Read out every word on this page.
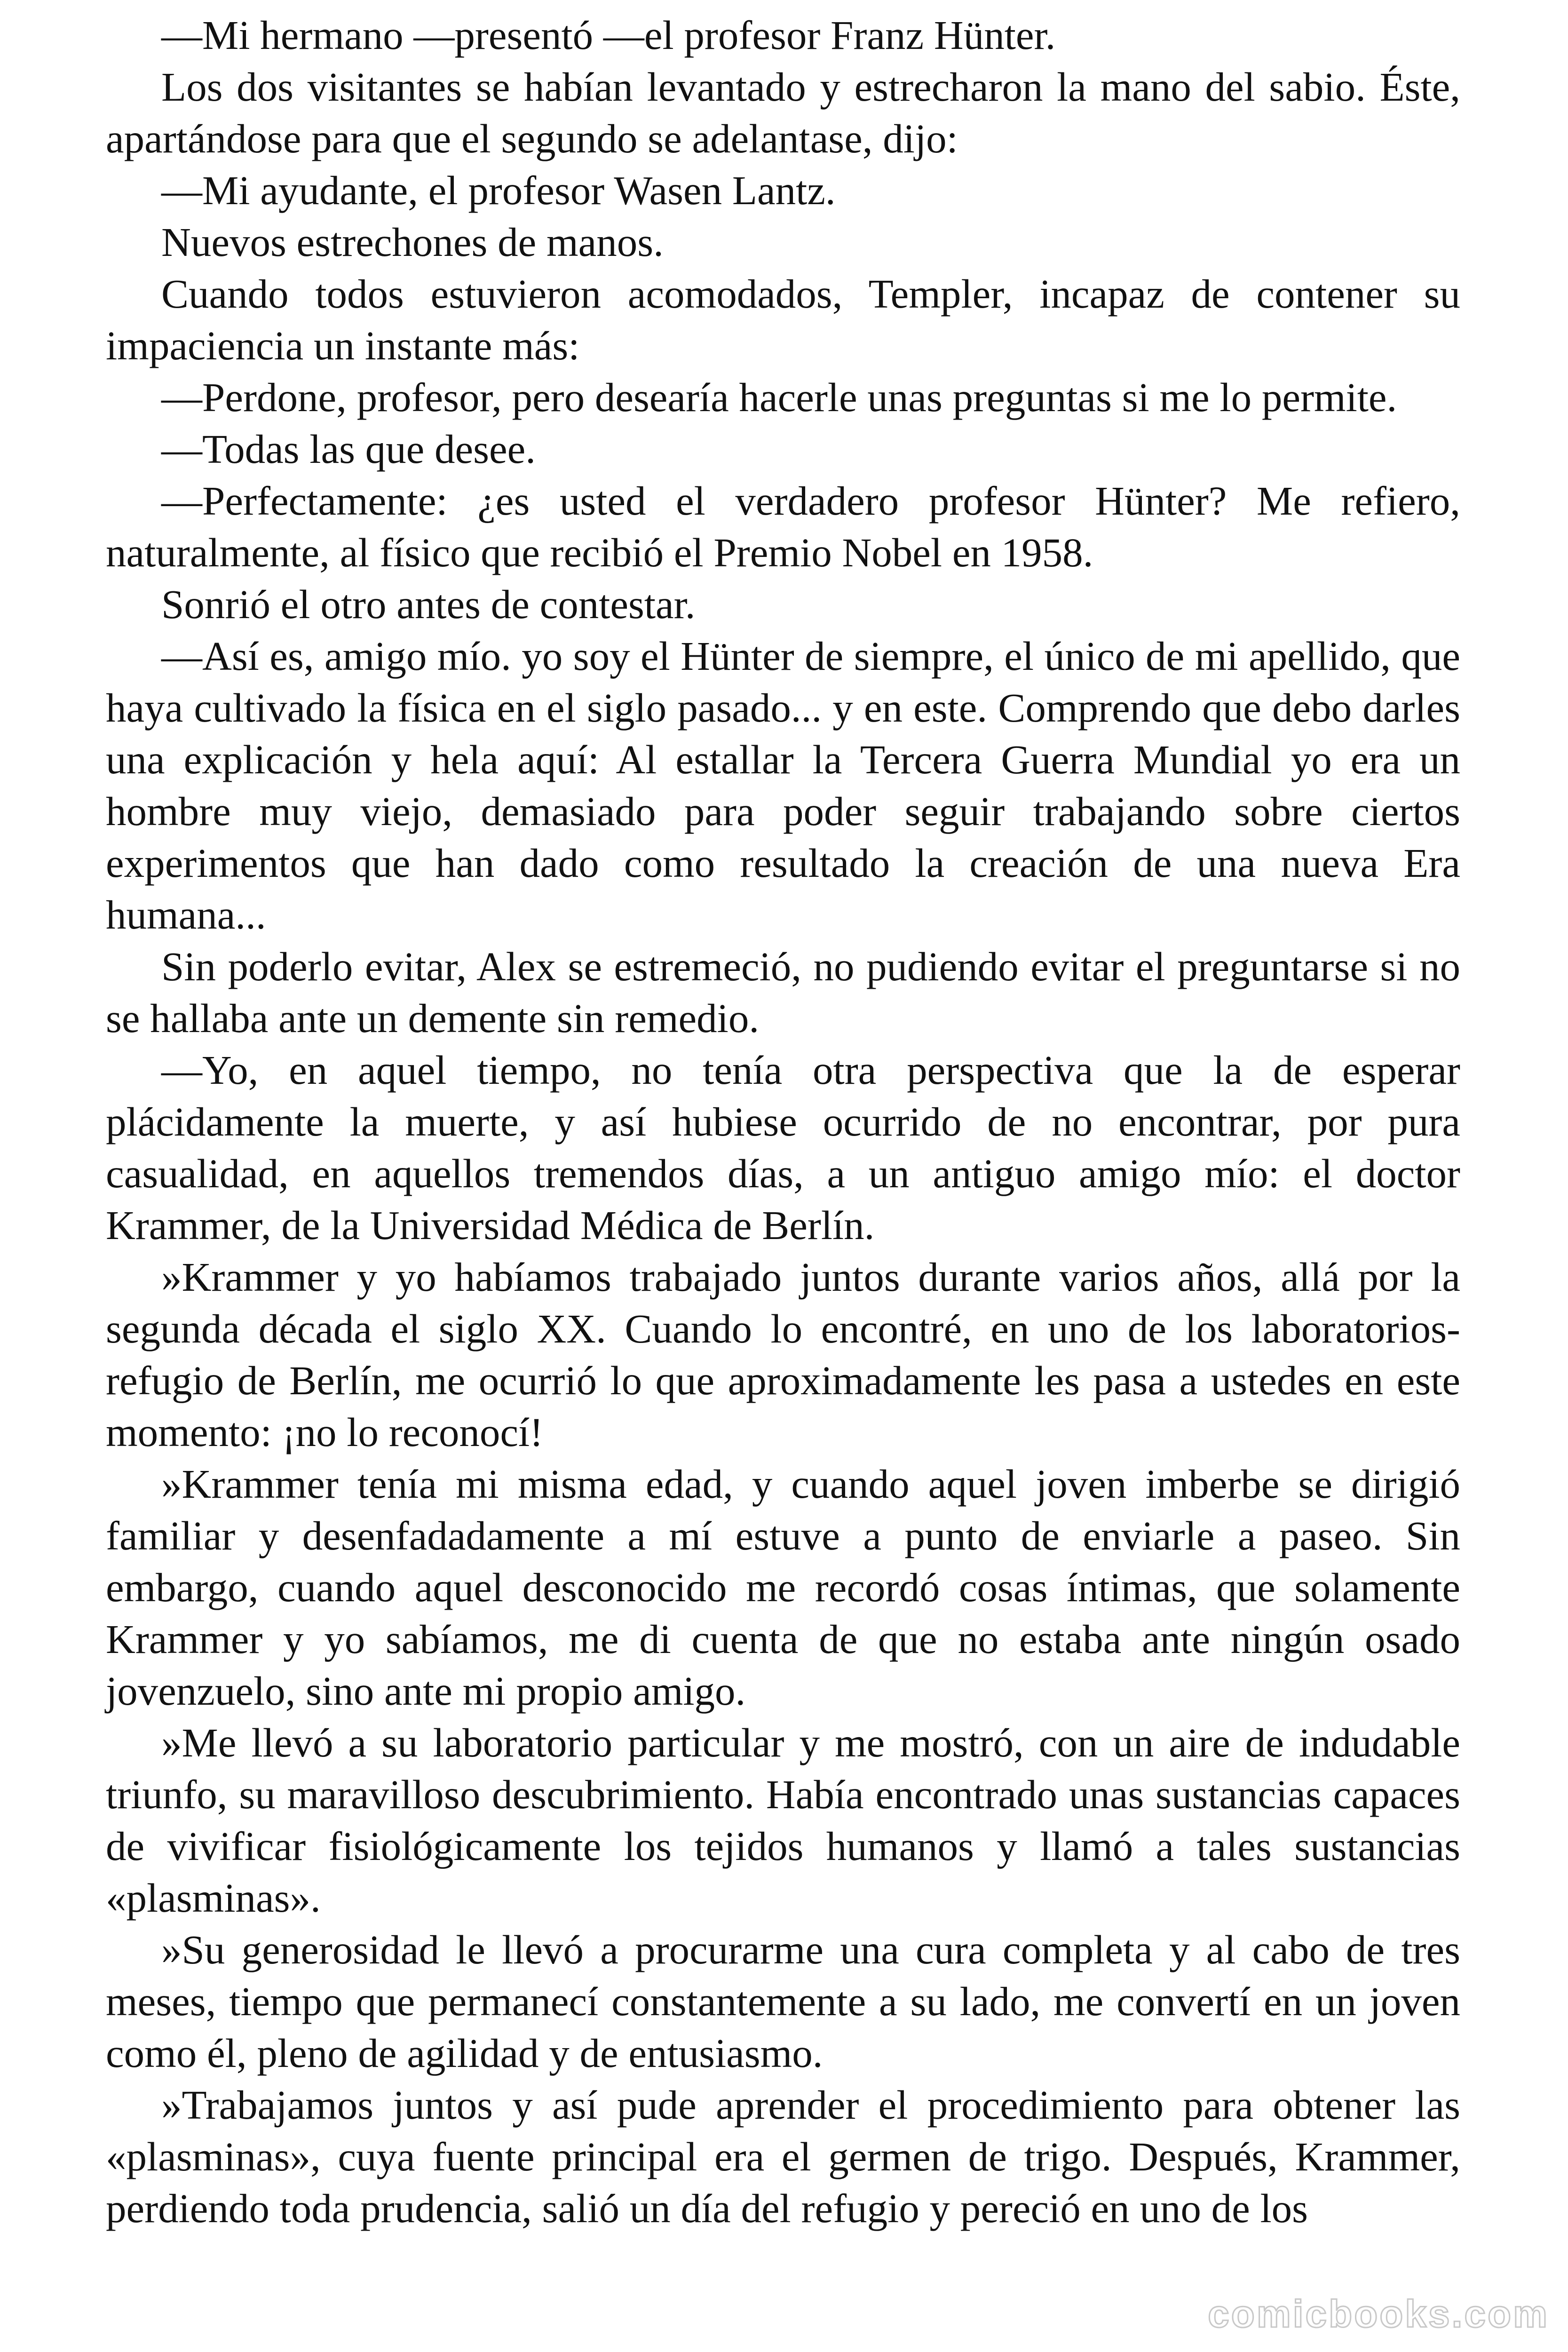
—Mi hermano —presentó —el profesor Franz Hünter.

Los dos visitantes se habían levantado y estrecharon la mano del sabio. Éste, apartándose para que el segundo se adelantase, dijo:

—Mi ayudante, el profesor Wasen Lantz.

Nuevos estrechones de manos.

Cuando todos estuvieron acomodados, Templer, incapaz de contener su impaciencia un instante más:

—Perdone, profesor, pero desearía hacerle unas preguntas si me lo permite.

—Todas las que desee.

—Perfectamente: ¿es usted el verdadero profesor Hünter? Me refiero, naturalmente, al físico que recibió el Premio Nobel en 1958.

Sonrió el otro antes de contestar.

—Así es, amigo mío. yo soy el Hünter de siempre, el único de mi apellido, que haya cultivado la física en el siglo pasado... y en este. Comprendo que debo darles una explicación y hela aquí: Al estallar la Tercera Guerra Mundial yo era un hombre muy viejo, demasiado para poder seguir trabajando sobre ciertos experimentos que han dado como resultado la creación de una nueva Era humana...

Sin poderlo evitar, Alex se estremeció, no pudiendo evitar el preguntarse si no se hallaba ante un demente sin remedio.

—Yo, en aquel tiempo, no tenía otra perspectiva que la de esperar plácidamente la muerte, y así hubiese ocurrido de no encontrar, por pura casualidad, en aquellos tremendos días, a un antiguo amigo mío: el doctor Krammer, de la Universidad Médica de Berlín.

»Krammer y yo habíamos trabajado juntos durante varios años, allá por la segunda década el siglo XX. Cuando lo encontré, en uno de los laboratorios-refugio de Berlín, me ocurrió lo que aproximadamente les pasa a ustedes en este momento: ¡no lo reconocí!

»Krammer tenía mi misma edad, y cuando aquel joven imberbe se dirigió familiar y desenfadadamente a mí estuve a punto de enviarle a paseo. Sin embargo, cuando aquel desconocido me recordó cosas íntimas, que solamente Krammer y yo sabíamos, me di cuenta de que no estaba ante ningún osado jovenzuelo, sino ante mi propio amigo.

»Me llevó a su laboratorio particular y me mostró, con un aire de indudable triunfo, su maravilloso descubrimiento. Había encontrado unas sustancias capaces de vivificar fisiológicamente los tejidos humanos y llamó a tales sustancias «plasminas».

»Su generosidad le llevó a procurarme una cura completa y al cabo de tres meses, tiempo que permanecí constantemente a su lado, me convertí en un joven como él, pleno de agilidad y de entusiasmo.

»Trabajamos juntos y así pude aprender el procedimiento para obtener las «plasminas», cuya fuente principal era el germen de trigo. Después, Krammer, perdiendo toda prudencia, salió un día del refugio y pereció en uno de los

comicbooks.com
